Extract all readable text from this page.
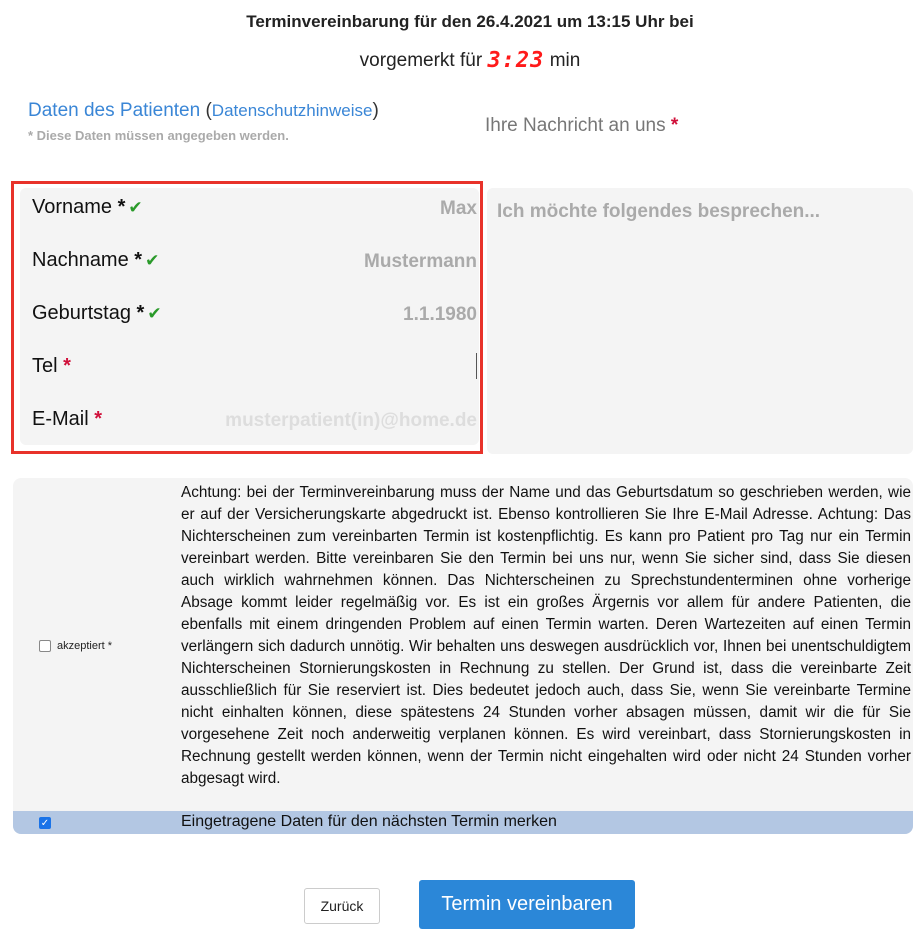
Terminvereinbarung für den 26.4.2021 um 13:15 Uhr bei
vorgemerkt für 3:23 min
Daten des Patienten (Datenschutzhinweise)
* Diese Daten müssen angegeben werden.	Ihre Nachricht an uns *
Vorname * ✔	Max
Nachname * ✔	Mustermann
Geburtstag * ✔	1.1.1980
Tel *
E-Mail *	musterpatient(in)@home.de
Ich möchte folgendes besprechen...
akzeptiert *
Achtung: bei der Terminvereinbarung muss der Name und das Geburtsdatum so geschrieben werden, wie er auf der Versicherungskarte abgedruckt ist. Ebenso kontrollieren Sie Ihre E-Mail Adresse. Achtung: Das Nichterscheinen zum vereinbarten Termin ist kostenpflichtig. Es kann pro Patient pro Tag nur ein Termin vereinbart werden. Bitte vereinbaren Sie den Termin bei uns nur, wenn Sie sicher sind, dass Sie diesen auch wirklich wahrnehmen können. Das Nichterscheinen zu Sprechstundenterminen ohne vorherige Absage kommt leider regelmäßig vor. Es ist ein großes Ärgernis vor allem für andere Patienten, die ebenfalls mit einem dringenden Problem auf einen Termin warten. Deren Wartezeiten auf einen Termin verlängern sich dadurch unnötig. Wir behalten uns deswegen ausdrücklich vor, Ihnen bei unentschuldigtem Nichterscheinen Stornierungskosten in Rechnung zu stellen. Der Grund ist, dass die vereinbarte Zeit ausschließlich für Sie reserviert ist. Dies bedeutet jedoch auch, dass Sie, wenn Sie vereinbarte Termine nicht einhalten können, diese spätestens 24 Stunden vorher absagen müssen, damit wir die für Sie vorgesehene Zeit noch anderweitig verplanen können. Es wird vereinbart, dass Stornierungskosten in Rechnung gestellt werden können, wenn der Termin nicht eingehalten wird oder nicht 24 Stunden vorher abgesagt wird.
✓	Eingetragene Daten für den nächsten Termin merken
Zurück	Termin vereinbaren
